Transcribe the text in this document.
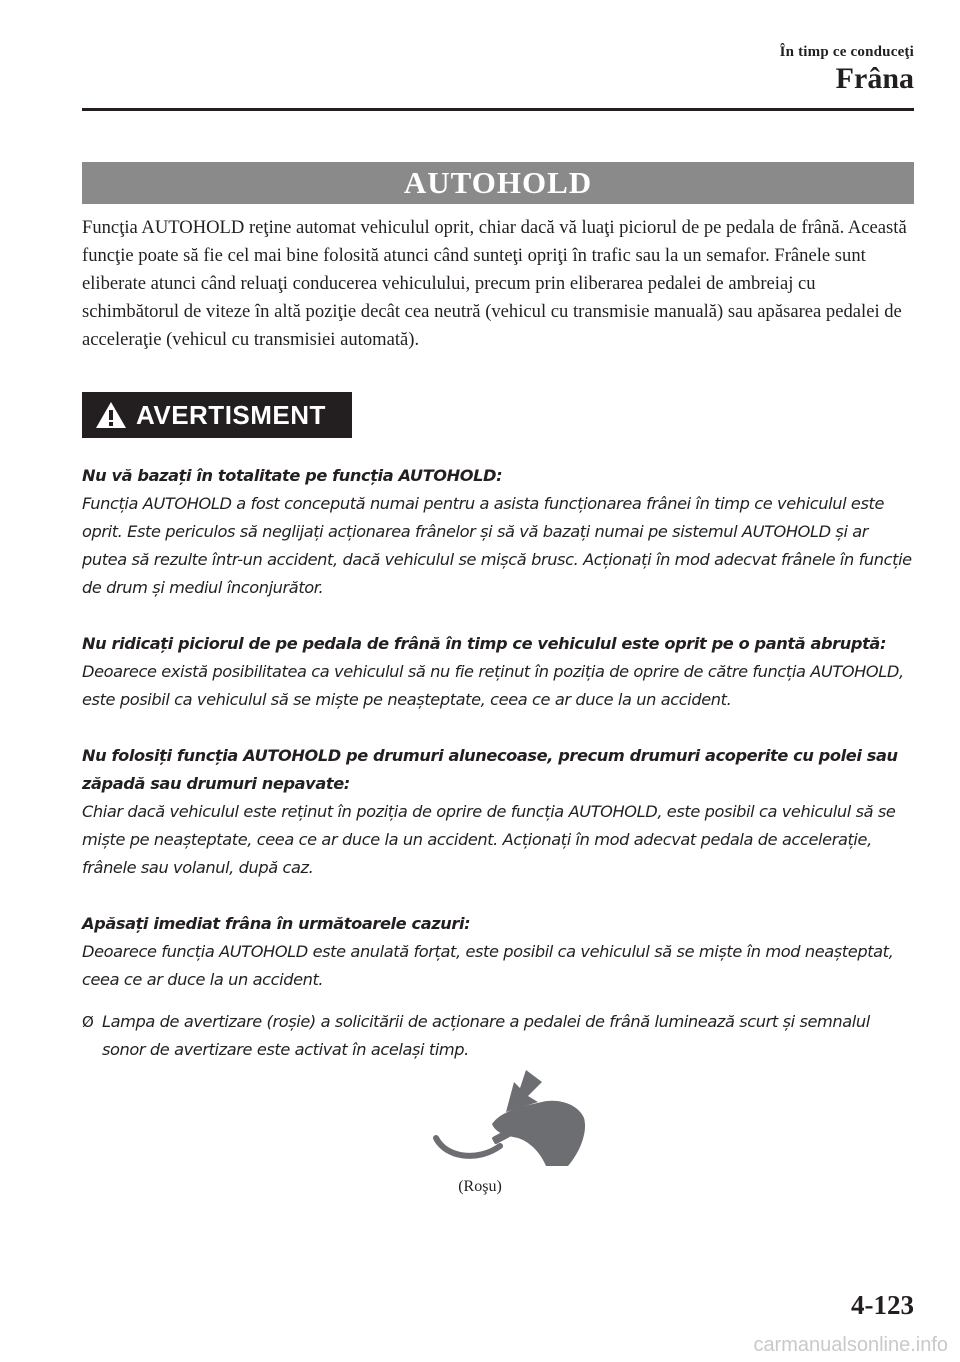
În timp ce conduceţi
Frâna
AUTOHOLD

Funcţia AUTOHOLD reţine automat vehiculul oprit, chiar dacă vă luaţi piciorul de pe pedala de frână. Această funcţie poate să fie cel mai bine folosită atunci când sunteţi opriţi în trafic sau la un semafor. Frânele sunt eliberate atunci când reluaţi conducerea vehiculului, precum prin eliberarea pedalei de ambreiaj cu schimbătorul de viteze în altă poziţie decât cea neutră (vehicul cu transmisie manuală) sau apăsarea pedalei de acceleraţie (vehicul cu transmisiei automată).

AVERTISMENT
Nu vă bazați în totalitate pe funcția AUTOHOLD:
Funcția AUTOHOLD a fost concepută numai pentru a asista funcționarea frânei în timp ce vehiculul este oprit. Este periculos să neglijați acționarea frânelor și să vă bazați numai pe sistemul AUTOHOLD și ar putea să rezulte într-un accident, dacă vehiculul se mișcă brusc. Acționați în mod adecvat frânele în funcție de drum și mediul înconjurător.
Nu ridicați piciorul de pe pedala de frână în timp ce vehiculul este oprit pe o pantă abruptă:
Deoarece există posibilitatea ca vehiculul să nu fie reținut în poziția de oprire de către funcția AUTOHOLD, este posibil ca vehiculul să se miște pe neașteptate, ceea ce ar duce la un accident.
Nu folosiți funcția AUTOHOLD pe drumuri alunecoase, precum drumuri acoperite cu polei sau zăpadă sau drumuri nepavate:
Chiar dacă vehiculul este reținut în poziția de oprire de funcția AUTOHOLD, este posibil ca vehiculul să se miște pe neașteptate, ceea ce ar duce la un accident. Acționați în mod adecvat pedala de accelerație, frânele sau volanul, după caz.
Apăsați imediat frâna în următoarele cazuri:
Deoarece funcția AUTOHOLD este anulată forțat, este posibil ca vehiculul să se miște în mod neașteptat, ceea ce ar duce la un accident.
Ø Lampa de avertizare (roșie) a solicitării de acționare a pedalei de frână luminează scurt și semnalul sonor de avertizare este activat în același timp.
(Roşu)
4-123
carmanualsonline.info
